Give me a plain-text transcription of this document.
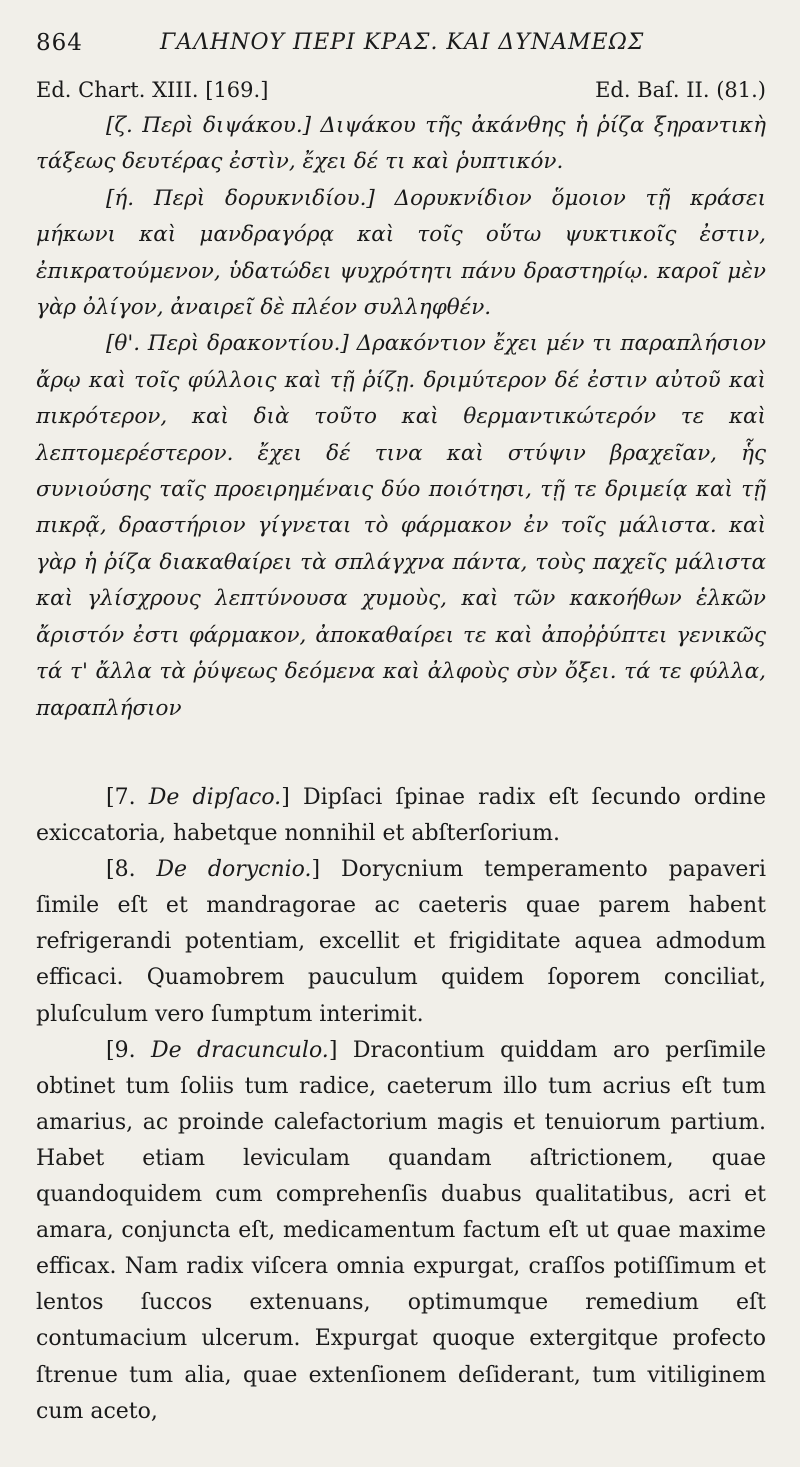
864	ΓΑΛΗΝΟΥ ΠΕΡΙ ΚΡΑΣ. ΚΑΙ ΔΥΝΑΜΕΩΣ
Ed. Chart. XIII. [169.]	Ed. Baſ. II. (81.)

[ζ. Περὶ διψάκου.] Διψάκου τῆς ἀκάνθης ἡ ῥίζα ξηραντικὴ τάξεως δευτέρας ἐστὶν, ἔχει δέ τι καὶ ῥυπτικόν.

[ή. Περὶ δορυκνιδίου.] Δορυκνίδιον ὅμοιον τῇ κράσει μήκωνι καὶ μανδραγόρᾳ καὶ τοῖς οὕτω ψυκτικοῖς ἐστιν, ἐπικρατούμενον, ὑδατώδει ψυχρότητι πάνυ δραστηρίῳ. καροῖ μὲν γὰρ ὀλίγον, ἀναιρεῖ δὲ πλέον συλληφθέν.

[θ'. Περὶ δρακοντίου.] Δρακόντιον ἔχει μέν τι παραπλήσιον ἄρῳ καὶ τοῖς φύλλοις καὶ τῇ ῥίζῃ. δριμύτερον δέ ἐστιν αὐτοῦ καὶ πικρότερον, καὶ διὰ τοῦτο καὶ θερμαντικώτερόν τε καὶ λεπτομερέστερον. ἔχει δέ τινα καὶ στύψιν βραχεῖαν, ἧς συνιούσης ταῖς προειρημέναις δύο ποιότησι, τῇ τε δριμείᾳ καὶ τῇ πικρᾷ, δραστήριον γίγνεται τὸ φάρμακον ἐν τοῖς μάλιστα. καὶ γὰρ ἡ ῥίζα διακαθαίρει τὰ σπλάγχνα πάντα, τοὺς παχεῖς μάλιστα καὶ γλίσχρους λεπτύνουσα χυμοὺς, καὶ τῶν κακοήθων ἑλκῶν ἄριστόν ἐστι φάρμακον, ἀποκαθαίρει τε καὶ ἀποῤῥύπτει γενικῶς τά τ' ἄλλα τὰ ῥύψεως δεόμενα καὶ ἀλφοὺς σὺν ὄξει. τά τε φύλλα, παραπλήσιον

[7. De dipſaco.] Dipſaci ſpinae radix eſt ſecundo ordine exiccatoria, habetque nonnihil et abſterſorium.

[8. De dorycnio.] Dorycnium temperamento papaveri ſimile eſt et mandragorae ac caeteris quae parem habent refrigerandi potentiam, excellit et frigiditate aquea admodum efficaci. Quamobrem pauculum quidem ſoporem conciliat, pluſculum vero ſumptum interimit.

[9. De dracunculo.] Dracontium quiddam aro perſimile obtinet tum ſoliis tum radice, caeterum illo tum acrius eſt tum amarius, ac proinde calefactorium magis et tenuiorum partium. Habet etiam leviculam quandam aſtrictionem, quae quandoquidem cum comprehenſis duabus qualitatibus, acri et amara, conjuncta eſt, medicamentum factum eſt ut quae maxime efficax. Nam radix viſcera omnia expurgat, craſſos potiſſimum et lentos ſuccos extenuans, optimumque remedium eſt contumacium ulcerum. Expurgat quoque extergitque profecto ſtrenue tum alia, quae extenſionem deſiderant, tum vitiliginem cum aceto,
